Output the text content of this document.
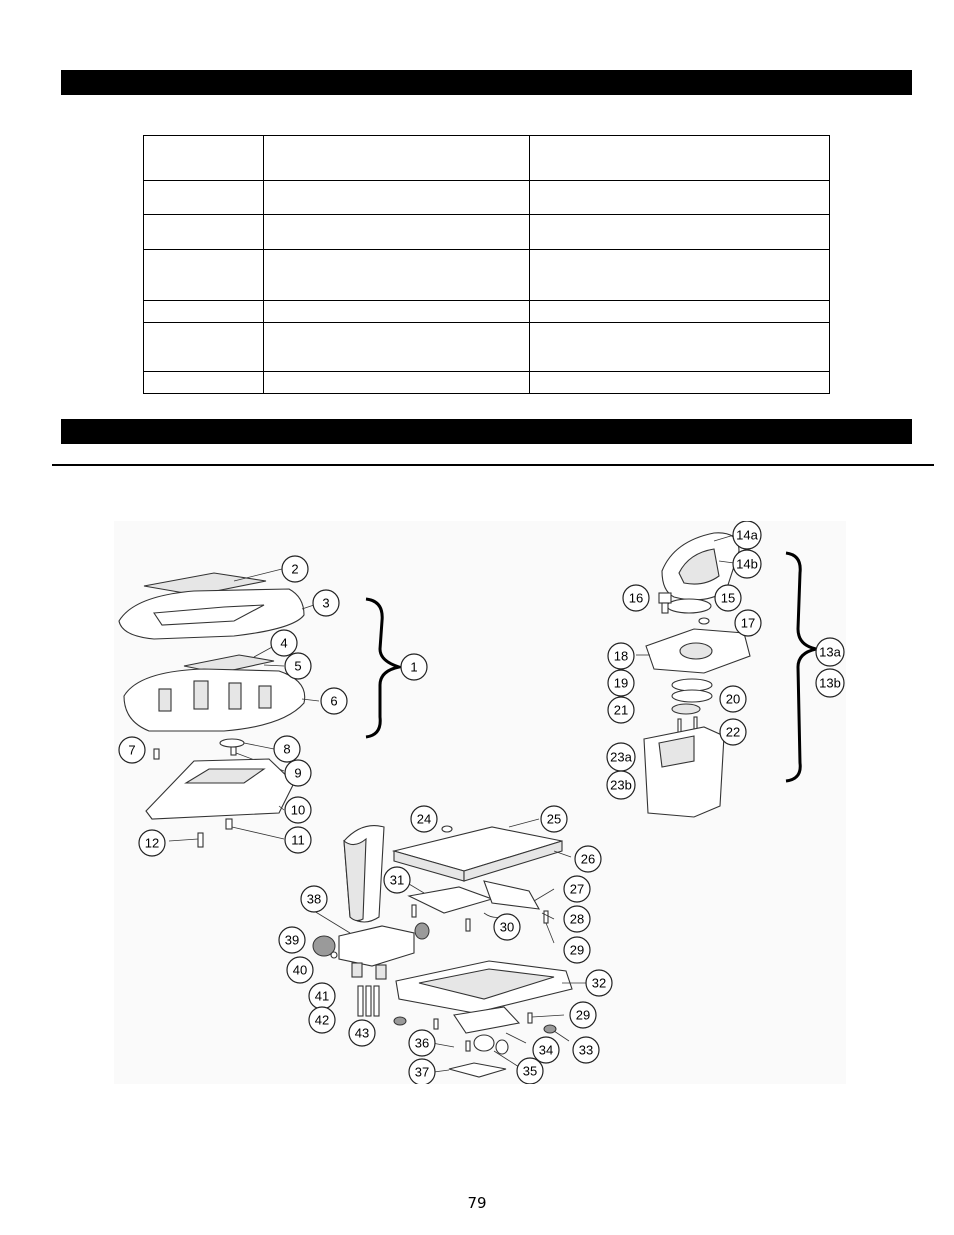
2
3
4
5	1
6
7	8
9
10
11
12
14a
14b
16	15
17
18	13a
13b
19
20
21
22
23a
23b
24	25
26
31
38
27
30
28
39
29
40
32
41
42	29
43
36	34 33
37	35
79
